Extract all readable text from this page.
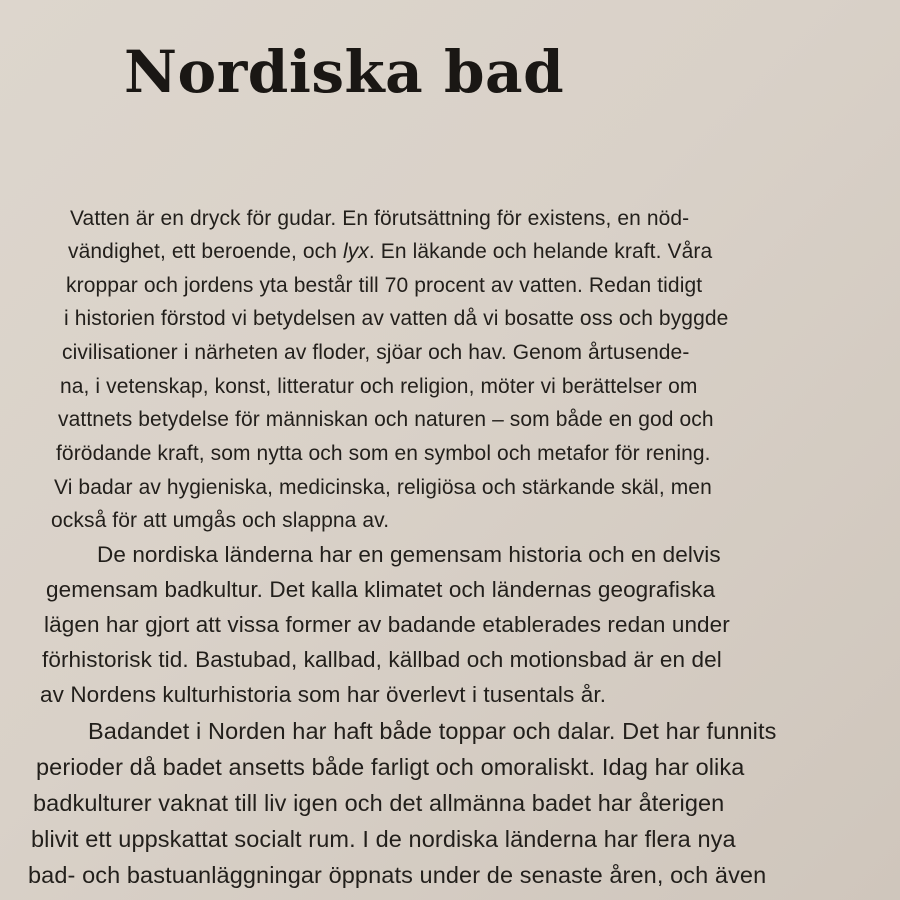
Nordiska bad
Vatten är en dryck för gudar. En förutsättning för existens, en nöd-
vändighet, ett beroende, och lyx. En läkande och helande kraft. Våra
kroppar och jordens yta består till 70 procent av vatten. Redan tidigt
i historien förstod vi betydelsen av vatten då vi bosatte oss och byggde
civilisationer i närheten av floder, sjöar och hav. Genom årtusende-
na, i vetenskap, konst, litteratur och religion, möter vi berättelser om
vattnets betydelse för människan och naturen – som både en god och
förödande kraft, som nytta och som en symbol och metafor för rening.
Vi badar av hygieniska, medicinska, religiösa och stärkande skäl, men
också för att umgås och slappna av.
De nordiska länderna har en gemensam historia och en delvis
gemensam badkultur. Det kalla klimatet och ländernas geografiska
lägen har gjort att vissa former av badande etablerades redan under
förhistorisk tid. Bastubad, kallbad, källbad och motionsbad är en del
av Nordens kulturhistoria som har överlevt i tusentals år.
Badandet i Norden har haft både toppar och dalar. Det har funnits
perioder då badet ansetts både farligt och omoraliskt. Idag har olika
badkulturer vaknat till liv igen och det allmänna badet har återigen
blivit ett uppskattat socialt rum. I de nordiska länderna har flera nya
bad- och bastuanläggningar öppnats under de senaste åren, och även
